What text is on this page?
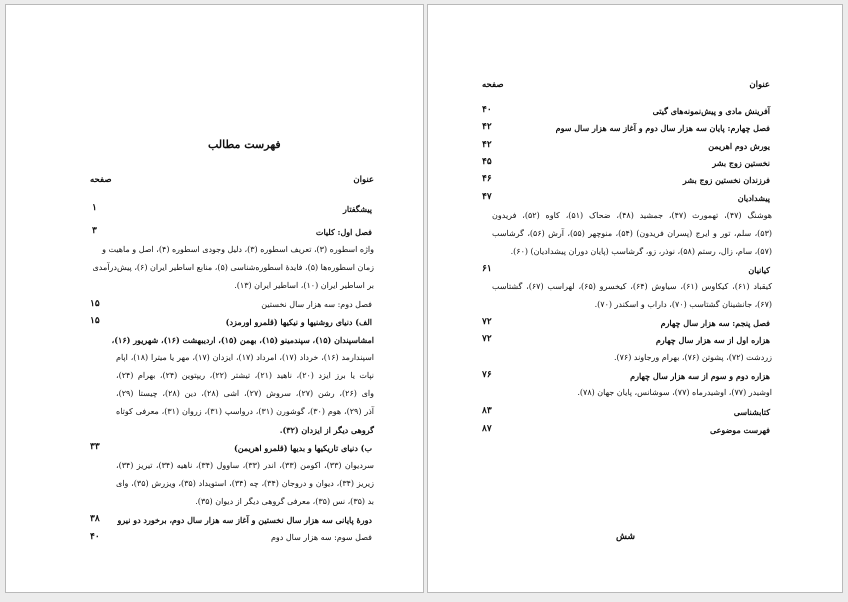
فهرست مطالب
عنوان
صفحه
پیشگفتار
۱
فصل اول: کلیات
۳
واژه اسطوره (۳)، تعریف اسطوره (۳)، دلیل وجودی اسطوره (۴)، اصل و ماهیت و
زمان اسطوره‌ها (۵)، فایدهٔ اسطوره‌شناسی (۵)، منابع اساطیر ایران (۶)، پیش‌درآمدی
بر اساطیر ایران (۱۰)، اساطیر ایران (۱۳).
فصل دوم: سه هزار سال نخستین
۱۵
الف) دنیای روشنیها و نیکیها (قلمرو اورمزد)
۱۵
امشاسپندان (۱۵)، سپندمینو (۱۵)، بهمن (۱۵)، اردیبهشت (۱۶)، شهریور (۱۶)،
اسپندارمد (۱۶)، خرداد (۱۷)، امرداد (۱۷)، ایزدان (۱۷)، مهر یا میترا (۱۸)، اپام
نپات یا برز ایزد (۲۰)، ناهید (۲۱)، تیشتر (۲۲)، ریپتوین (۲۴)، بهرام (۲۴)،
وای (۲۶)، رشن (۲۷)، سروش (۲۷)، اشی (۲۸)، دین (۲۸)، چیستا (۲۹)،
آذر (۲۹)، هوم (۳۰)، گوشورن (۳۱)، درواسپ (۳۱)، زروان (۳۱)، معرفی کوتاه
گروهی دیگر از ایزدان (۳۲).
ب) دنیای تاریکیها و بدیها (قلمرو اهریمن)
۳۳
سردیوان (۳۳)، اکومن (۳۳)، اندر (۳۳)، ساوول (۳۴)، ناهیه (۳۴)، تیریز (۳۴)،
زیریز (۳۴)، دیوان و دروجان (۳۴)، چه (۳۴)، استویداد (۳۵)، ویزرش (۳۵)، وای
بد (۳۵)، نس (۳۵)، معرفی گروهی دیگر از دیوان (۳۵).
دورهٔ پایانی سه هزار سال نخستین و آغاز سه هزار سال دوم، برخورد دو نیرو
۳۸
فصل سوم: سه هزار سال دوم
۴۰
عنوان
صفحه
آفرینش مادی و پیش‌نمونه‌های گیتی
۴۰
فصل چهارم: پایان سه هزار سال دوم و آغاز سه هزار سال سوم
۴۲
یورش دوم اهریمن
۴۲
نخستین زوج بشر
۴۵
فرزندان نخستین زوج بشر
۴۶
پیشدادیان
۴۷
هوشنگ (۴۷)، تهمورث (۴۷)، جمشید (۴۸)، ضحاک (۵۱)، کاوه (۵۲)، فریدون
(۵۳)، سلم، تور و ایرج (پسران فریدون) (۵۴)، منوچهر (۵۵)، آرش (۵۶)، گرشاسب
(۵۷)، سام، زال، رستم (۵۸)، نوذر، زو، گرشاسب (پایان دوران پیشدادیان) (۶۰).
کیانیان
۶۱
کیقباد (۶۱)، کیکاوس (۶۱)، سیاوش (۶۴)، کیخسرو (۶۵)، لهراسب (۶۷)، گشتاسب
(۶۷)، جانشینان گشتاسب (۷۰)، داراب و اسکندر (۷۰).
فصل پنجم: سه هزار سال چهارم
۷۲
هزاره اول از سه هزار سال چهارم
۷۲
زردشت (۷۲)، پشوتن (۷۶)، بهرام ورجاوند (۷۶).
هزاره دوم و سوم از سه هزار سال چهارم
۷۶
اوشیدر (۷۷)، اوشیدرماه (۷۷)، سوشانس، پایان جهان (۷۸).
کتابشناسی
۸۳
فهرست موضوعی
۸۷
شش
